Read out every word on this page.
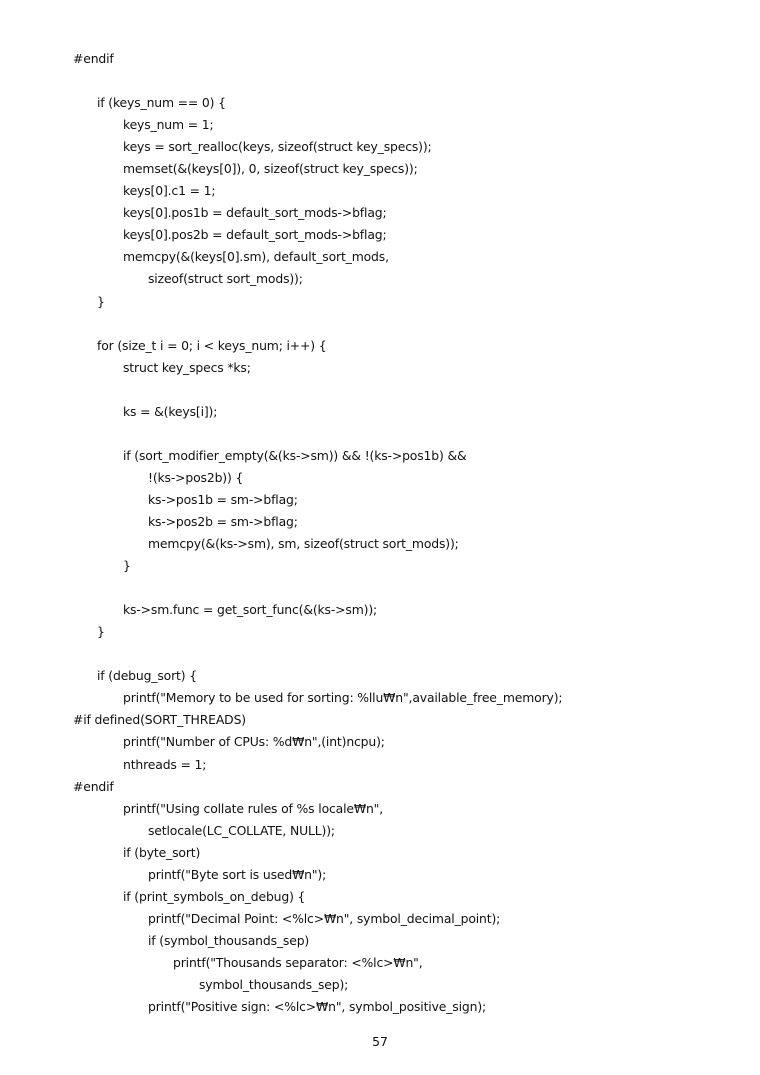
#endif
if (keys_num == 0) {
keys_num = 1;
keys = sort_realloc(keys, sizeof(struct key_specs));
memset(&(keys[0]), 0, sizeof(struct key_specs));
keys[0].c1 = 1;
keys[0].pos1b = default_sort_mods->bflag;
keys[0].pos2b = default_sort_mods->bflag;
memcpy(&(keys[0].sm), default_sort_mods,
sizeof(struct sort_mods));
}
for (size_t i = 0; i < keys_num; i++) {
struct key_specs *ks;
ks = &(keys[i]);
if (sort_modifier_empty(&(ks->sm)) && !(ks->pos1b) &&
!(ks->pos2b)) {
ks->pos1b = sm->bflag;
ks->pos2b = sm->bflag;
memcpy(&(ks->sm), sm, sizeof(struct sort_mods));
}
ks->sm.func = get_sort_func(&(ks->sm));
}
if (debug_sort) {
printf("Memory to be used for sorting: %llu₩n",available_free_memory);
#if defined(SORT_THREADS)
printf("Number of CPUs: %d₩n",(int)ncpu);
nthreads = 1;
#endif
printf("Using collate rules of %s locale₩n",
setlocale(LC_COLLATE, NULL));
if (byte_sort)
printf("Byte sort is used₩n");
if (print_symbols_on_debug) {
printf("Decimal Point: <%lc>₩n", symbol_decimal_point);
if (symbol_thousands_sep)
printf("Thousands separator: <%lc>₩n",
symbol_thousands_sep);
printf("Positive sign: <%lc>₩n", symbol_positive_sign);
57
